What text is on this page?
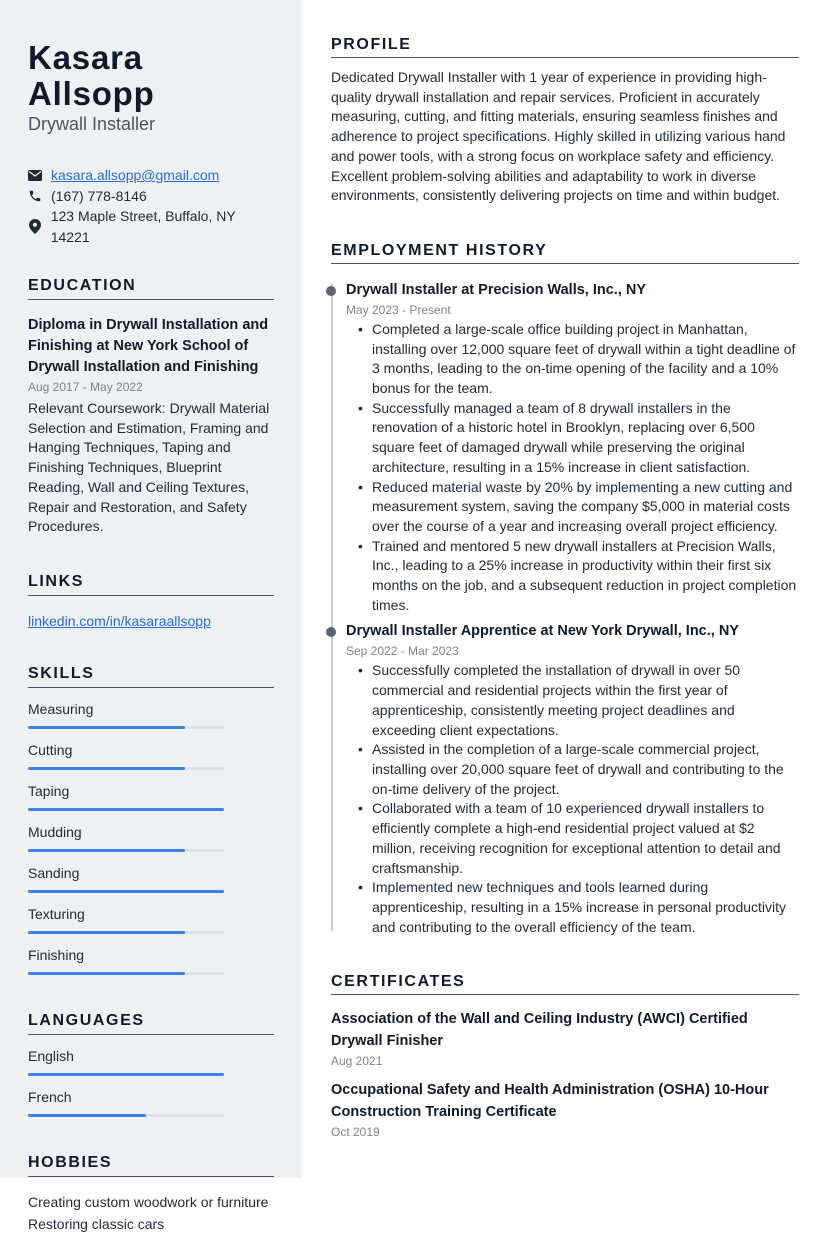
Kasara Allsopp
Drywall Installer
kasara.allsopp@gmail.com
(167) 778-8146
123 Maple Street, Buffalo, NY 14221
EDUCATION
Diploma in Drywall Installation and Finishing at New York School of Drywall Installation and Finishing
Aug 2017 - May 2022
Relevant Coursework: Drywall Material Selection and Estimation, Framing and Hanging Techniques, Taping and Finishing Techniques, Blueprint Reading, Wall and Ceiling Textures, Repair and Restoration, and Safety Procedures.
LINKS
linkedin.com/in/kasaraallsopp
SKILLS
Measuring
Cutting
Taping
Mudding
Sanding
Texturing
Finishing
LANGUAGES
English
French
HOBBIES
Creating custom woodwork or furniture
Restoring classic cars
PROFILE
Dedicated Drywall Installer with 1 year of experience in providing high-quality drywall installation and repair services. Proficient in accurately measuring, cutting, and fitting materials, ensuring seamless finishes and adherence to project specifications. Highly skilled in utilizing various hand and power tools, with a strong focus on workplace safety and efficiency. Excellent problem-solving abilities and adaptability to work in diverse environments, consistently delivering projects on time and within budget.
EMPLOYMENT HISTORY
Drywall Installer at Precision Walls, Inc., NY
May 2023 - Present
• Completed a large-scale office building project in Manhattan, installing over 12,000 square feet of drywall within a tight deadline of 3 months, leading to the on-time opening of the facility and a 10% bonus for the team.
• Successfully managed a team of 8 drywall installers in the renovation of a historic hotel in Brooklyn, replacing over 6,500 square feet of damaged drywall while preserving the original architecture, resulting in a 15% increase in client satisfaction.
• Reduced material waste by 20% by implementing a new cutting and measurement system, saving the company $5,000 in material costs over the course of a year and increasing overall project efficiency.
• Trained and mentored 5 new drywall installers at Precision Walls, Inc., leading to a 25% increase in productivity within their first six months on the job, and a subsequent reduction in project completion times.
Drywall Installer Apprentice at New York Drywall, Inc., NY
Sep 2022 - Mar 2023
• Successfully completed the installation of drywall in over 50 commercial and residential projects within the first year of apprenticeship, consistently meeting project deadlines and exceeding client expectations.
• Assisted in the completion of a large-scale commercial project, installing over 20,000 square feet of drywall and contributing to the on-time delivery of the project.
• Collaborated with a team of 10 experienced drywall installers to efficiently complete a high-end residential project valued at $2 million, receiving recognition for exceptional attention to detail and craftsmanship.
• Implemented new techniques and tools learned during apprenticeship, resulting in a 15% increase in personal productivity and contributing to the overall efficiency of the team.
CERTIFICATES
Association of the Wall and Ceiling Industry (AWCI) Certified Drywall Finisher
Aug 2021
Occupational Safety and Health Administration (OSHA) 10-Hour Construction Training Certificate
Oct 2019
